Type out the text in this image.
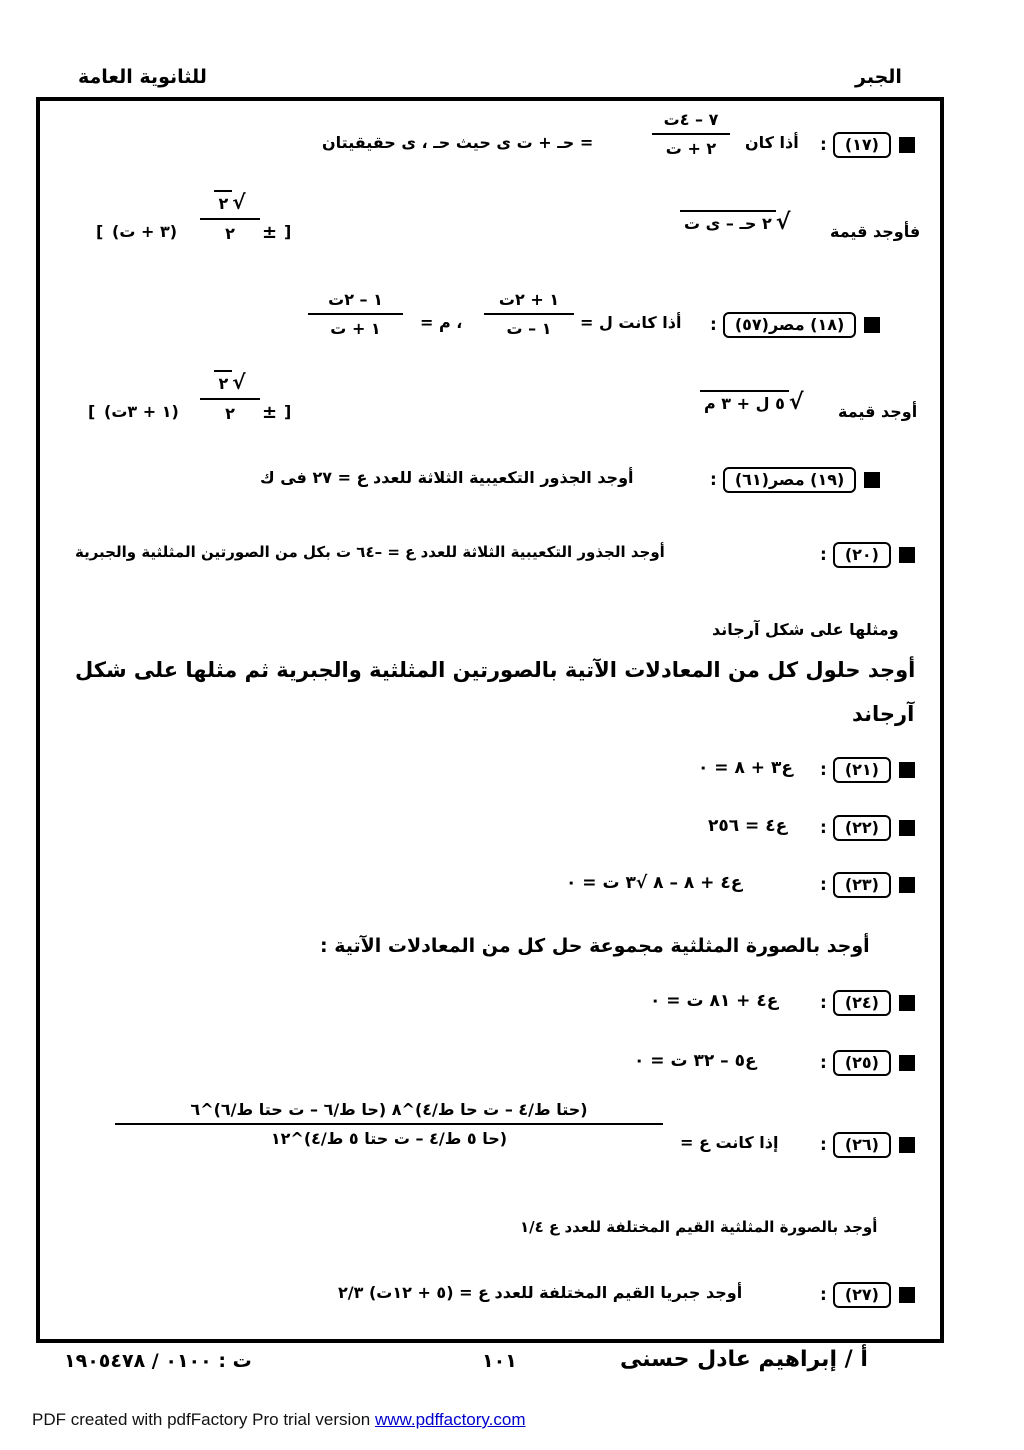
للثانوية العامة	الجبر
:	(١٧)
أذا كان
٧ – ٤ت
٢ + ت
= حـ + ت ى حيث حـ ، ى حقيقيتان
فأوجد قيمة
٢ حـ – ى ت √
[ (٣ + ت)
٢ √
٢	± ]
:	(١٨) مصر(٥٧)
أذا كانت ل =
١ + ٢ت
١ – ت
، م =
١ – ٢ت
١ + ت
أوجد قيمة
٥ ل + ٣ م √
[ (١ + ٣ت)
٢ √
٢	± ]
:	(١٩) مصر(٦١)
أوجد الجذور التكعيبية الثلاثة للعدد ع = ٢٧ فى ك
:	(٢٠)
أوجد الجذور التكعيبية الثلاثة للعدد ع = –٦٤ ت بكل من الصورتين المثلثية والجبرية
ومثلها على شكل آرجاند
أوجد حلول كل من المعادلات الآتية بالصورتين المثلثية والجبرية ثم مثلها على شكل
آرجاند
:	(٢١)
ع٣ + ٨ = ٠
:	(٢٢)
ع٤ = ٢٥٦
:	(٢٣)
ع٤ + ٨ – ٨ √٣ ت = ٠
أوجد بالصورة المثلثية مجموعة حل كل من المعادلات الآتية :
:	(٢٤)
ع٤ + ٨١ ت = ٠
:	(٢٥)
ع٥ – ٣٢ ت = ٠
:	(٢٦)
إذا كانت ع =
(حتا ط/٤ – ت حا ط/٤)^٨ (حا ط/٦ – ت حتا ط/٦)^٦
(حا ٥ ط/٤ – ت حتا ٥ ط/٤)^١٢
أوجد بالصورة المثلثية القيم المختلفة للعدد ع ١/٤
:	(٢٧)
أوجد جبريا القيم المختلفة للعدد ع = (٥ + ١٢ت) ٢/٣
أ / إبراهيم عادل حسنى
١٠١
ت : ٠١٠٠ / ١٩٠٥٤٧٨
PDF created with pdfFactory Pro trial version www.pdffactory.com
